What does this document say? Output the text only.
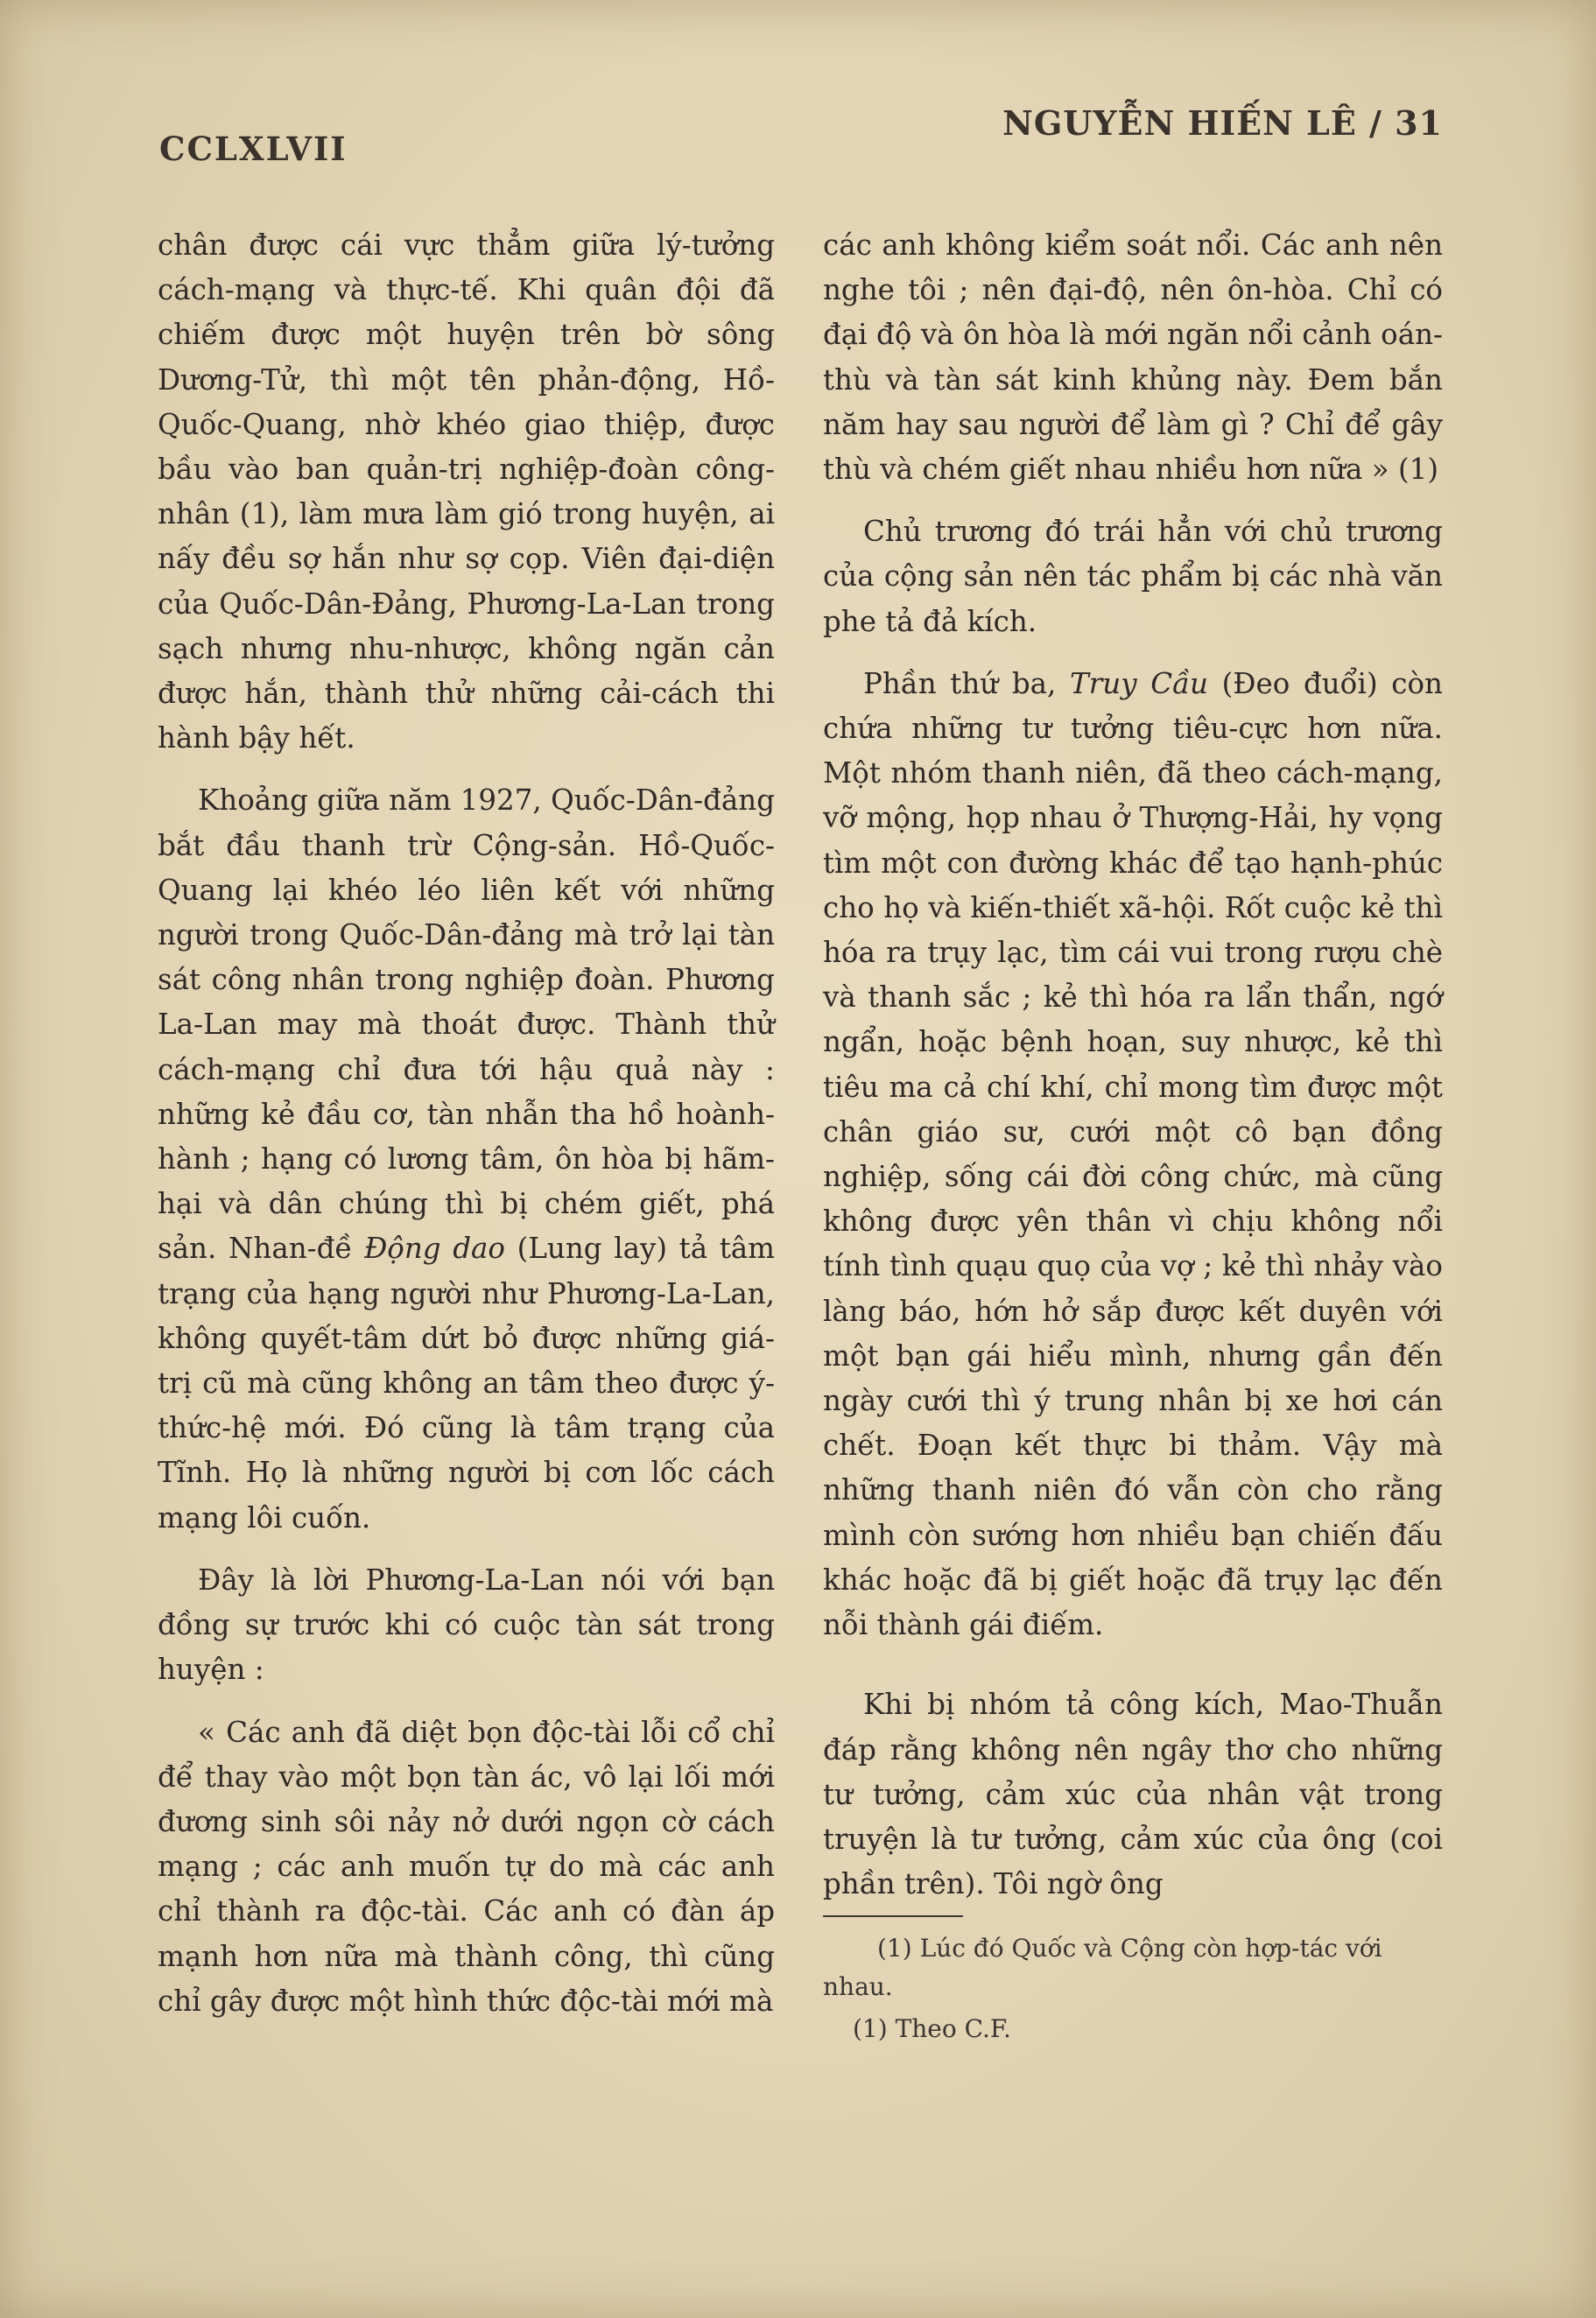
CCLXLVII
NGUYỄN HIẾN LÊ / 31

chân được cái vực thẳm giữa lý-tưởng cách-mạng và thực-tế. Khi quân đội đã chiếm được một huyện trên bờ sông Dương-Tử, thì một tên phản-động, Hồ-Quốc-Quang, nhờ khéo giao thiệp, được bầu vào ban quản-trị nghiệp-đoàn công-nhân (1), làm mưa làm gió trong huyện, ai nấy đều sợ hắn như sợ cọp. Viên đại-diện của Quốc-Dân-Đảng, Phương-La-Lan trong sạch nhưng nhu-nhược, không ngăn cản được hắn, thành thử những cải-cách thi hành bậy hết.

Khoảng giữa năm 1927, Quốc-Dân-đảng bắt đầu thanh trừ Cộng-sản. Hồ-Quốc-Quang lại khéo léo liên kết với những người trong Quốc-Dân-đảng mà trở lại tàn sát công nhân trong nghiệp đoàn. Phương La-Lan may mà thoát được. Thành thử cách-mạng chỉ đưa tới hậu quả này : những kẻ đầu cơ, tàn nhẫn tha hồ hoành-hành ; hạng có lương tâm, ôn hòa bị hãm-hại và dân chúng thì bị chém giết, phá sản. Nhan-đề Động dao (Lung lay) tả tâm trạng của hạng người như Phương-La-Lan, không quyết-tâm dứt bỏ được những giá-trị cũ mà cũng không an tâm theo được ý-thức-hệ mới. Đó cũng là tâm trạng của Tĩnh. Họ là những người bị cơn lốc cách mạng lôi cuốn.

Đây là lời Phương-La-Lan nói với bạn đồng sự trước khi có cuộc tàn sát trong huyện :

« Các anh đã diệt bọn độc-tài lỗi cổ chỉ để thay vào một bọn tàn ác, vô lại lối mới đương sinh sôi nảy nở dưới ngọn cờ cách mạng ; các anh muốn tự do mà các anh chỉ thành ra độc-tài. Các anh có đàn áp mạnh hơn nữa mà thành công, thì cũng chỉ gây được một hình thức độc-tài mới mà

các anh không kiểm soát nổi. Các anh nên nghe tôi ; nên đại-độ, nên ôn-hòa. Chỉ có đại độ và ôn hòa là mới ngăn nổi cảnh oán-thù và tàn sát kinh khủng này. Đem bắn năm hay sau người để làm gì ? Chỉ để gây thù và chém giết nhau nhiều hơn nữa » (1)

Chủ trương đó trái hẳn với chủ trương của cộng sản nên tác phẩm bị các nhà văn phe tả đả kích.

Phần thứ ba, Truy Cầu (Đeo đuổi) còn chứa những tư tưởng tiêu-cực hơn nữa. Một nhóm thanh niên, đã theo cách-mạng, vỡ mộng, họp nhau ở Thượng-Hải, hy vọng tìm một con đường khác để tạo hạnh-phúc cho họ và kiến-thiết xã-hội. Rốt cuộc kẻ thì hóa ra trụy lạc, tìm cái vui trong rượu chè và thanh sắc ; kẻ thì hóa ra lẩn thẩn, ngớ ngẩn, hoặc bệnh hoạn, suy nhược, kẻ thì tiêu ma cả chí khí, chỉ mong tìm được một chân giáo sư, cưới một cô bạn đồng nghiệp, sống cái đời công chức, mà cũng không được yên thân vì chịu không nổi tính tình quạu quọ của vợ ; kẻ thì nhảy vào làng báo, hớn hở sắp được kết duyên với một bạn gái hiểu mình, nhưng gần đến ngày cưới thì ý trung nhân bị xe hơi cán chết. Đoạn kết thực bi thảm. Vậy mà những thanh niên đó vẫn còn cho rằng mình còn sướng hơn nhiều bạn chiến đấu khác hoặc đã bị giết hoặc đã trụy lạc đến nỗi thành gái điếm.

Khi bị nhóm tả công kích, Mao-Thuẫn đáp rằng không nên ngây thơ cho những tư tưởng, cảm xúc của nhân vật trong truyện là tư tưởng, cảm xúc của ông (coi phần trên). Tôi ngờ ông

(1) Lúc đó Quốc và Cộng còn hợp-tác với nhau.

(1) Theo C.F.
